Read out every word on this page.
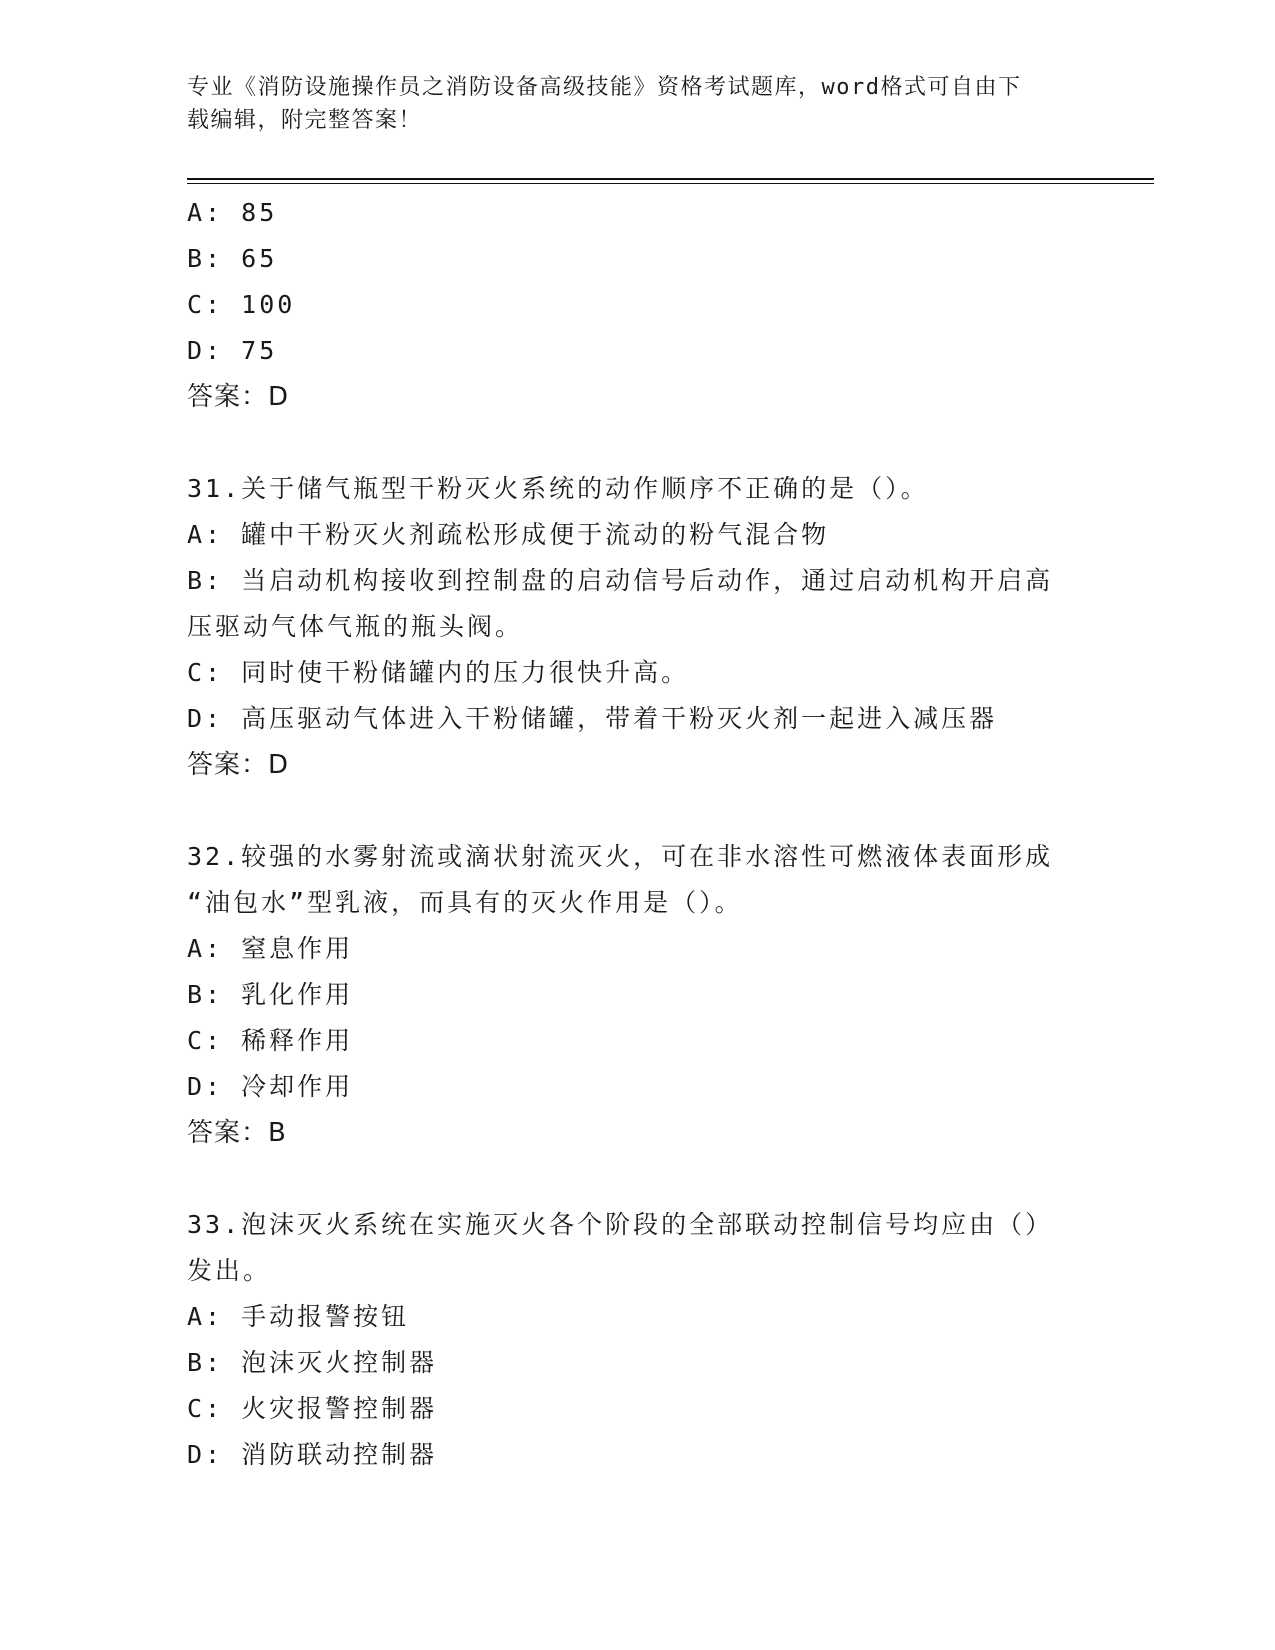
专业《消防设施操作员之消防设备高级技能》资格考试题库，word格式可自由下
载编辑，附完整答案！
A: 85
B: 65
C: 100
D: 75
答案：D
31.关于储气瓶型干粉灭火系统的动作顺序不正确的是（）。
A: 罐中干粉灭火剂疏松形成便于流动的粉气混合物
B: 当启动机构接收到控制盘的启动信号后动作，通过启动机构开启高
压驱动气体气瓶的瓶头阀。
C: 同时使干粉储罐内的压力很快升高。
D: 高压驱动气体进入干粉储罐，带着干粉灭火剂一起进入减压器
答案：D
32.较强的水雾射流或滴状射流灭火，可在非水溶性可燃液体表面形成
“油包水”型乳液，而具有的灭火作用是（）。
A: 窒息作用
B: 乳化作用
C: 稀释作用
D: 冷却作用
答案：B
33.泡沫灭火系统在实施灭火各个阶段的全部联动控制信号均应由（）
发出。
A: 手动报警按钮
B: 泡沫灭火控制器
C: 火灾报警控制器
D: 消防联动控制器
